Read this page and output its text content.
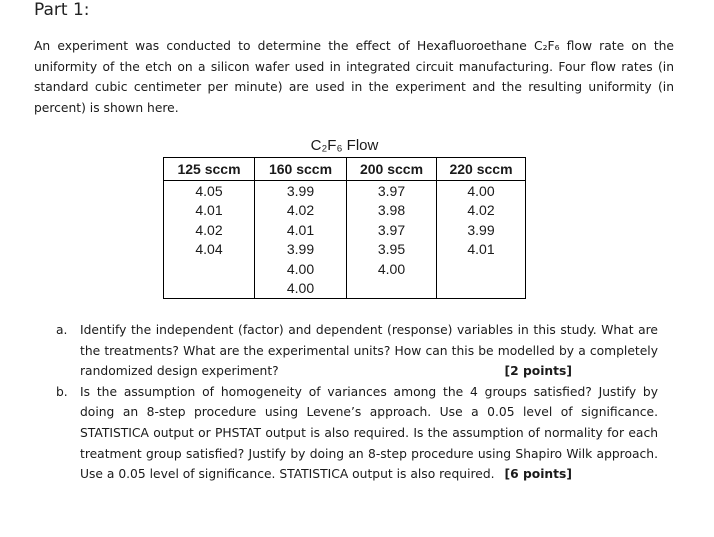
Part 1:
An experiment was conducted to determine the effect of Hexafluoroethane C₂F₆ flow rate on the uniformity of the etch on a silicon wafer used in integrated circuit manufacturing. Four flow rates (in standard cubic centimeter per minute) are used in the experiment and the resulting uniformity (in percent) is shown here.
C₂F₆ Flow			
125 sccm	160 sccm	200 sccm	220 sccm
4.05	3.99	3.97	4.00
4.01	4.02	3.98	4.02
4.02	4.01	3.97	3.99
4.04	3.99	3.95	4.01
	4.00	4.00	
	4.00		
a.	Identify the independent (factor) and dependent (response) variables in this study. What are the treatments? What are the experimental units? How can this be modelled by a completely randomized design experiment?	[2 points]
b. Is the assumption of homogeneity of variances among the 4 groups satisfied? Justify by doing an 8-step procedure using Levene’s approach. Use a 0.05 level of significance. STATISTICA output or PHSTAT output is also required. Is the assumption of normality for each treatment group satisfied? Justify by doing an 8-step procedure using Shapiro Wilk approach. Use a 0.05 level of significance. STATISTICA output is also required. [6 points]
